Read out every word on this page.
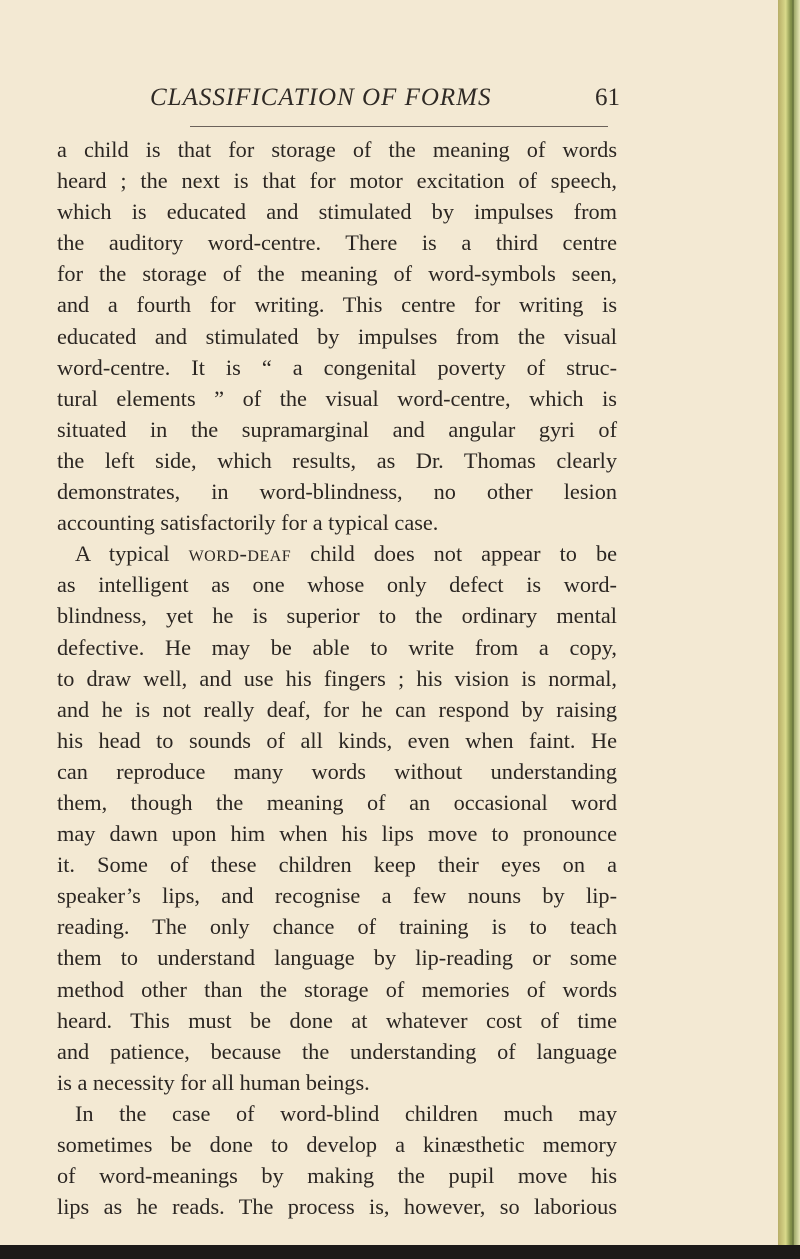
CLASSIFICATION OF FORMS	61
a child is that for storage of the meaning of words
heard ; the next is that for motor excitation of speech,
which is educated and stimulated by impulses from
the auditory word-centre. There is a third centre
for the storage of the meaning of word-symbols seen,
and a fourth for writing. This centre for writing is
educated and stimulated by impulses from the visual
word-centre. It is “ a congenital poverty of struc-
tural elements ” of the visual word-centre, which is
situated in the supramarginal and angular gyri of
the left side, which results, as Dr. Thomas clearly
demonstrates, in word-blindness, no other lesion
accounting satisfactorily for a typical case.
A typical word-deaf child does not appear to be
as intelligent as one whose only defect is word-
blindness, yet he is superior to the ordinary mental
defective. He may be able to write from a copy,
to draw well, and use his fingers ; his vision is normal,
and he is not really deaf, for he can respond by raising
his head to sounds of all kinds, even when faint. He
can reproduce many words without understanding
them, though the meaning of an occasional word
may dawn upon him when his lips move to pronounce
it. Some of these children keep their eyes on a
speaker’s lips, and recognise a few nouns by lip-
reading. The only chance of training is to teach
them to understand language by lip-reading or some
method other than the storage of memories of words
heard. This must be done at whatever cost of time
and patience, because the understanding of language
is a necessity for all human beings.
In the case of word-blind children much may
sometimes be done to develop a kinæsthetic memory
of word-meanings by making the pupil move his
lips as he reads. The process is, however, so laborious
